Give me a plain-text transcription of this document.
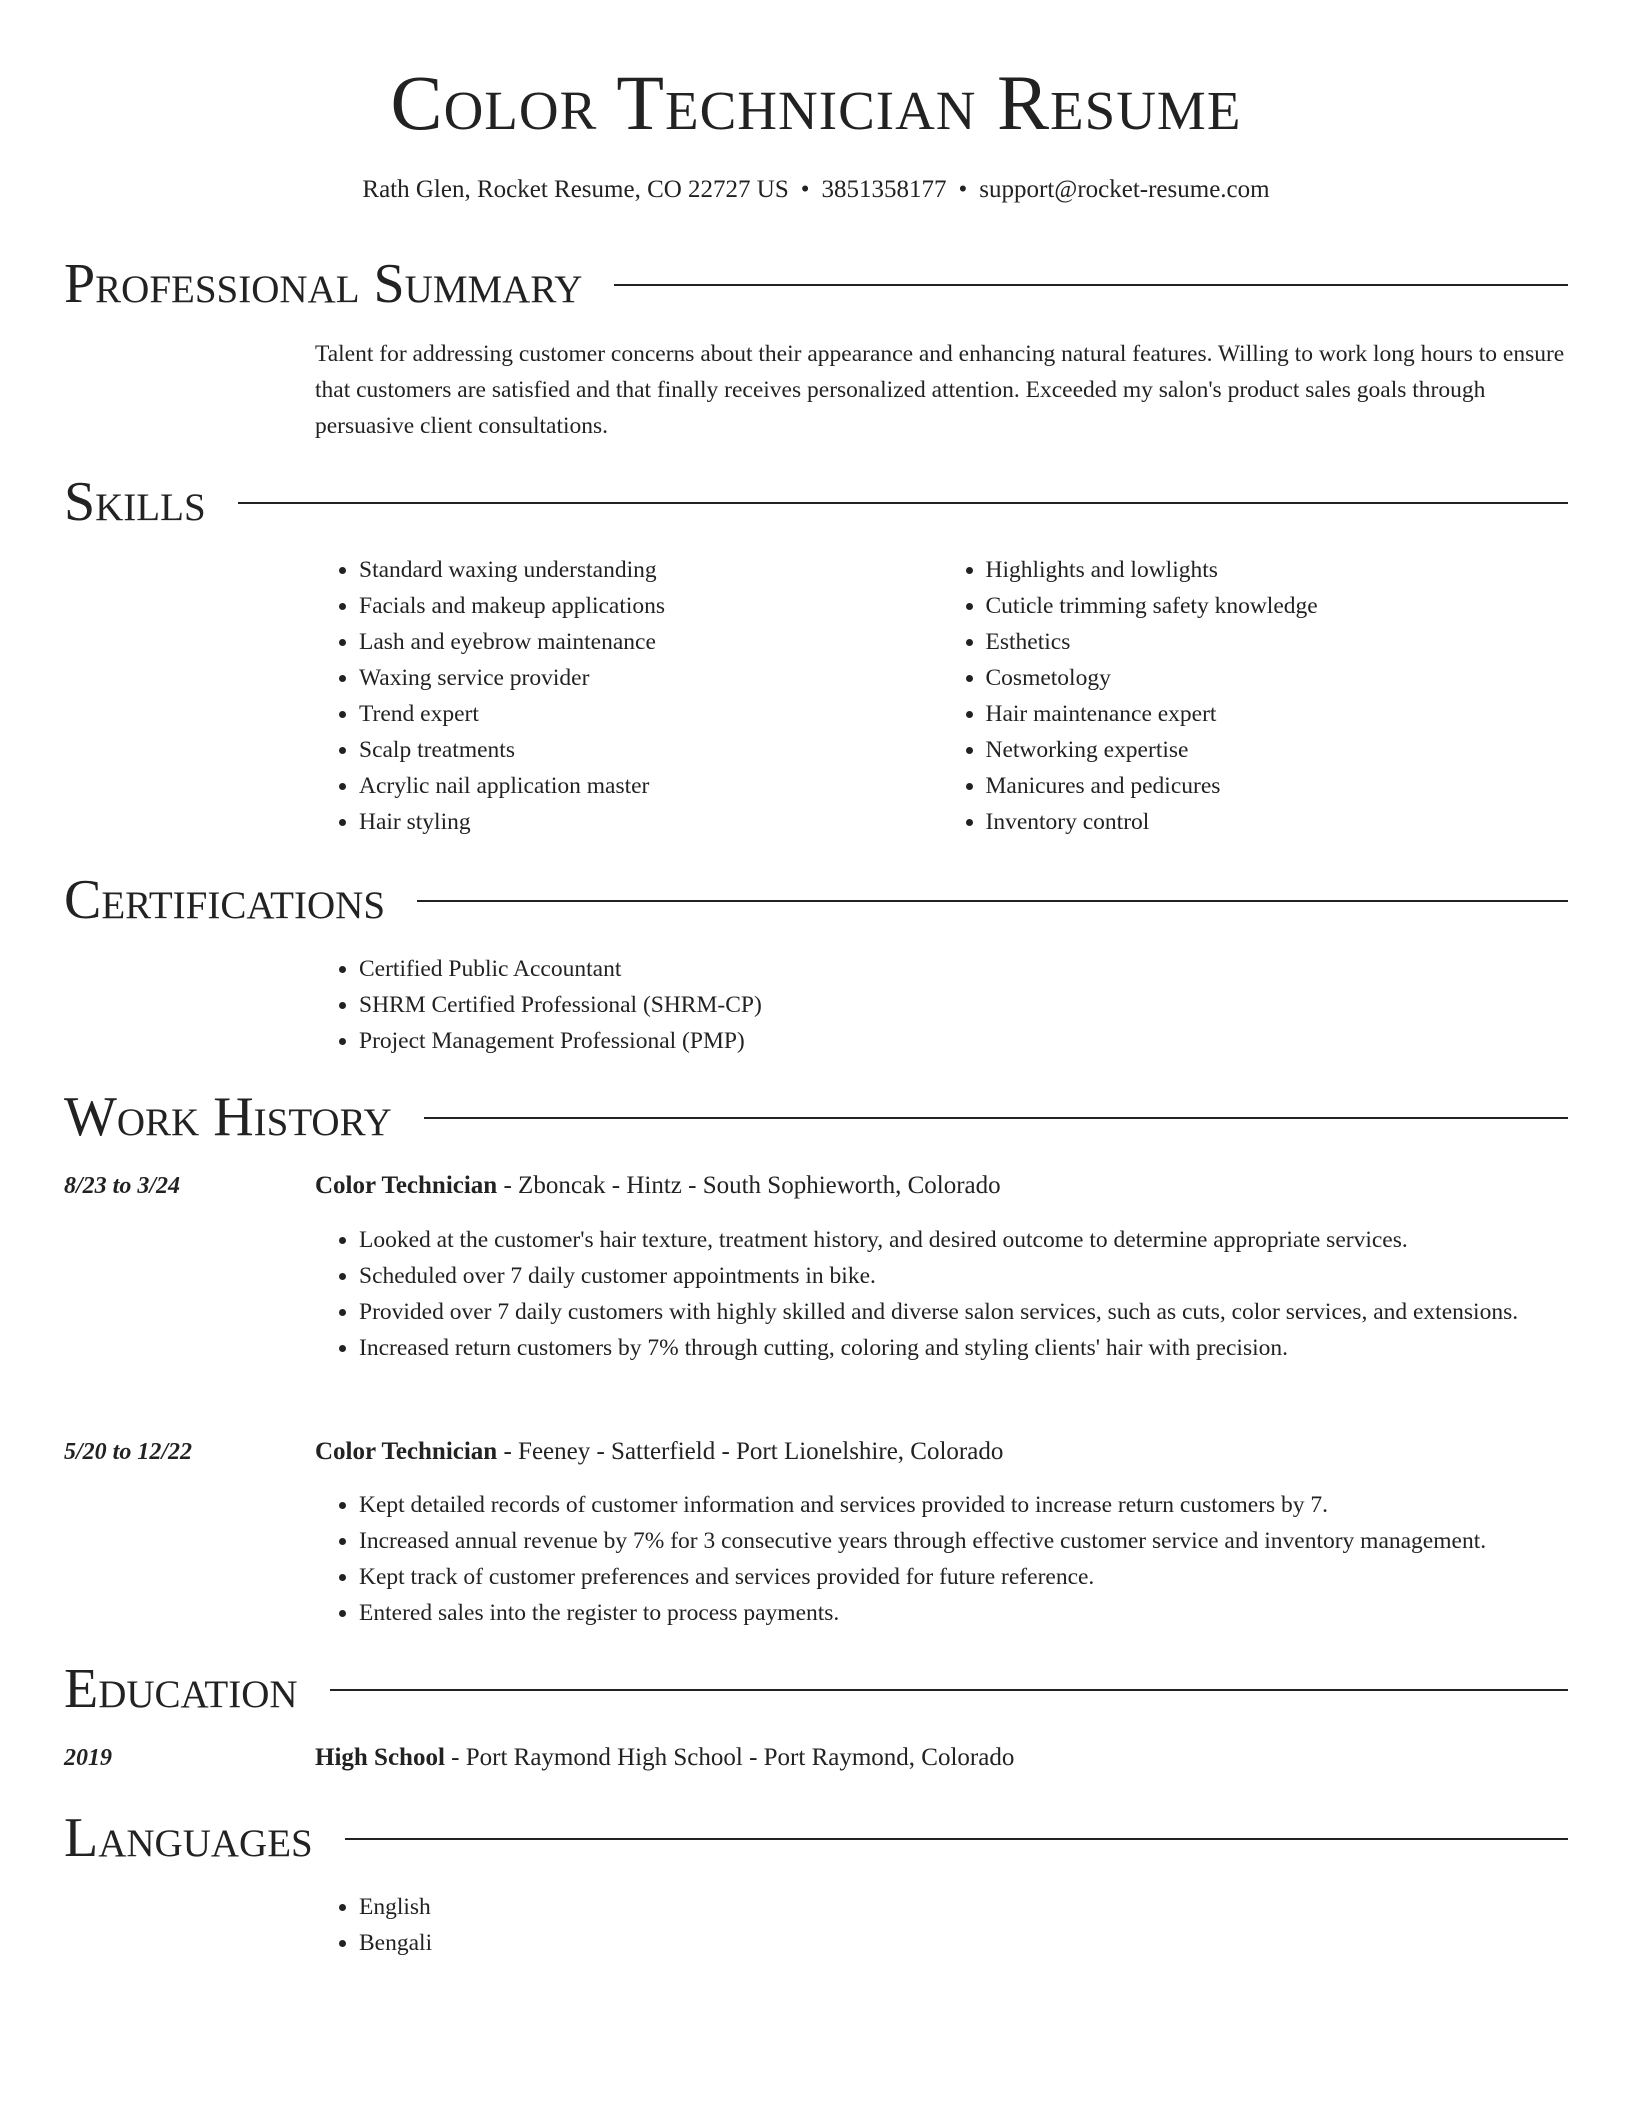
Color Technician Resume
Rath Glen, Rocket Resume, CO 22727 US • 3851358177 • support@rocket-resume.com
Professional Summary
Talent for addressing customer concerns about their appearance and enhancing natural features. Willing to work long hours to ensure that customers are satisfied and that finally receives personalized attention. Exceeded my salon's product sales goals through persuasive client consultations.
Skills
• Standard waxing understanding
• Facials and makeup applications
• Lash and eyebrow maintenance
• Waxing service provider
• Trend expert
• Scalp treatments
• Acrylic nail application master
• Hair styling
• Highlights and lowlights
• Cuticle trimming safety knowledge
• Esthetics
• Cosmetology
• Hair maintenance expert
• Networking expertise
• Manicures and pedicures
• Inventory control
Certifications
• Certified Public Accountant
• SHRM Certified Professional (SHRM-CP)
• Project Management Professional (PMP)
Work History
8/23 to 3/24	Color Technician - Zboncak - Hintz - South Sophieworth, Colorado
• Looked at the customer's hair texture, treatment history, and desired outcome to determine appropriate services.
• Scheduled over 7 daily customer appointments in bike.
• Provided over 7 daily customers with highly skilled and diverse salon services, such as cuts, color services, and extensions.
• Increased return customers by 7% through cutting, coloring and styling clients' hair with precision.
5/20 to 12/22	Color Technician - Feeney - Satterfield - Port Lionelshire, Colorado
• Kept detailed records of customer information and services provided to increase return customers by 7.
• Increased annual revenue by 7% for 3 consecutive years through effective customer service and inventory management.
• Kept track of customer preferences and services provided for future reference.
• Entered sales into the register to process payments.
Education
2019	High School - Port Raymond High School - Port Raymond, Colorado
Languages
• English
• Bengali
